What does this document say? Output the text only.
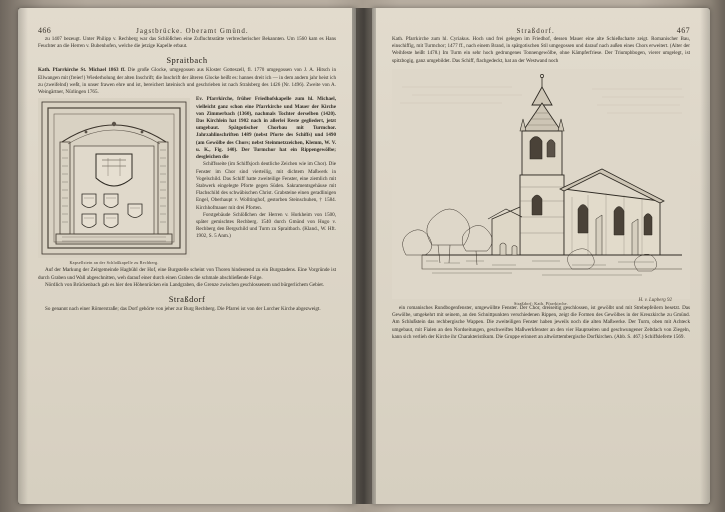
466	Jagstbrücke. Oberamt Gmünd.

zu 1407 bezeugt. Unter Philipp v. Rechberg war das Schlößchen eine Zufluchtsstätte verbrecherischer Bekannten. Um 1560 kam es Hans Feuchter an die Herren v. Bubenhofen, welche die jetzige Kapelle erbaut.

Spraitbach

Kath. Pfarrkirche St. Michael 1863 ff. Die große Glocke, umgegossen aus Kloster Gotteszell, fl. 1770 umgegossen von J. A. Hitsch in Ellwangen mit (freier!) Wiederholung der alten Inschrift; die Inschrift der älteren Glocke heißt es: hannes dreit ich — in dem andern jahr heist ich zu (zweifelnd) weßt, in unser frawen ehre und ist, bereichert lateinisch und geschrieben ist nach Stralsberg des 1426 (Nr. 1496). Zweite von A. Weingärtner, Nürlingen 1765.

Kapsellstein an der Schloßkapelle zu Rechberg.

Ev. Pfarrkirche, früher Friedhofskapelle zum hl. Michael, vielleicht ganz schon eine Pfarrkirche und Mauer der Kirche von Zimmerbach (1360), nachmals Tochter derselben (1420). Das Kirchlein hat 1902 nach in allerlei Reste gegliedert, jetzt umgebaut. Spätgotischer Chorbau mit Turmchor. Jahrzahlinschriften 1489 (nebst Pforte des Schiffs) und 1490 (am Gewölbe des Chors; nebst Steinmetzzeichen, Klemm, W. V. u. K., Fig. 140). Der Turmchor hat ein Rippengewölbe; desgleichen die

Schiffsseite (im Schiffsjoch deutliche Zeichen wie im Chor). Die Fenster im Chor sind vierteilig, mit dichtem Maßwerk in Vogelschild. Das Schiff hatte zweiteilige Fenster, eine ziemlich mit Stabwerk eingelegte Pforte gegen Süden. Sakramentsgehäuse mit Flachschild des schwäbischen Christ. Grabsteine einen geradlinigen Engel, Oberhaupt v. Wolltinghof, gestorben Steinschuhen, † 1584. Kirchhofmauer mit drei Pforten.

Forstgebäude Schlößchen der Herren v. Horkheim von 1500, später gemischtes Rechberg. 1540 durch Gmünd von Hugo v. Rechberg den Bergschild und Turm zu Spraitbach. (Kland., W. Hft. 1902, S. 5 Anm.)

Auf der Markung der Zeitgemeinde Hagbühl der Hof, eine Burgstelle scheint von Thoren hindeutend zu ein Burgstadens. Eine Vorgründe ist durch Graben und Wall abgeschnitten, weh darauf einer durch einen Graben die schmale abschließende Folge.

Nördlich von Brückenbach gab es hier den Höhenrücken ein Landgraben, die Grenze zwischen geschlossenem und bürgerlichem Gebiet.

Straßdorf

So genannt nach einer Römerstraße; das Dorf gehörte von jeher zur Burg Rechberg. Die Pfarrei ist von der Lorcher Kirche abgezweigt.

Straßdorf.	467

Kath. Pfarrkirche zum hl. Cyriakus. Hoch und frei gelegen im Friedhof, dessen Mauer eine alte Schießscharte zeigt. Romanischer Bau, einschiffig, mit Turmchor; 1477 ff., nach einem Brand, in spätgotischen Stil umgegossen und darauf nach außen eines Chors erweitert. (Alter der Weihfeste heißt 1478.) Im Turm ein sehr hoch gedrungenes Tonnengewölbe, ohne Kämpferfriese. Der Triumphbogen, vierer umgelegt, ist spitzbogig, ganz umgebildet. Das Schiff, flachgedeckt, hat an der Westwand noch

Straßdorf: Kath. Pfarrkirche.
H. v. Lupberg 92

ein romanisches Rundbogenfenster, umgewölbte Fenster. Der Chor, dreiseitig geschlossen, ist gewölbt und mit Strebepfeilern besetzt. Das Gewölbe, umgekehrt mit seinem, an den Schnittpunkten verschiedenen Rippen, zeigt die Formen des Gewölbes in der Kreuzkirche zu Gmünd. Am Schlußstein das rechbergische Wappen. Die zweiteiligen Fenster haben jeweils noch die alten Maßwerke. Der Turm, oben mit Achteck umgebaut, mit Fialen an den Nordseitungen, geschweiftes Maßwerkfenster an den vier Hauptseiten und geschwungener Zeltdach von Ziegeln, kann sich verlieh der Kirche ihr Charakteristikum. Die Gruppe erinnert an altwürttembergische Dorfkirchen. (Abb. S. 467.) Schiffsleferte 1569.
